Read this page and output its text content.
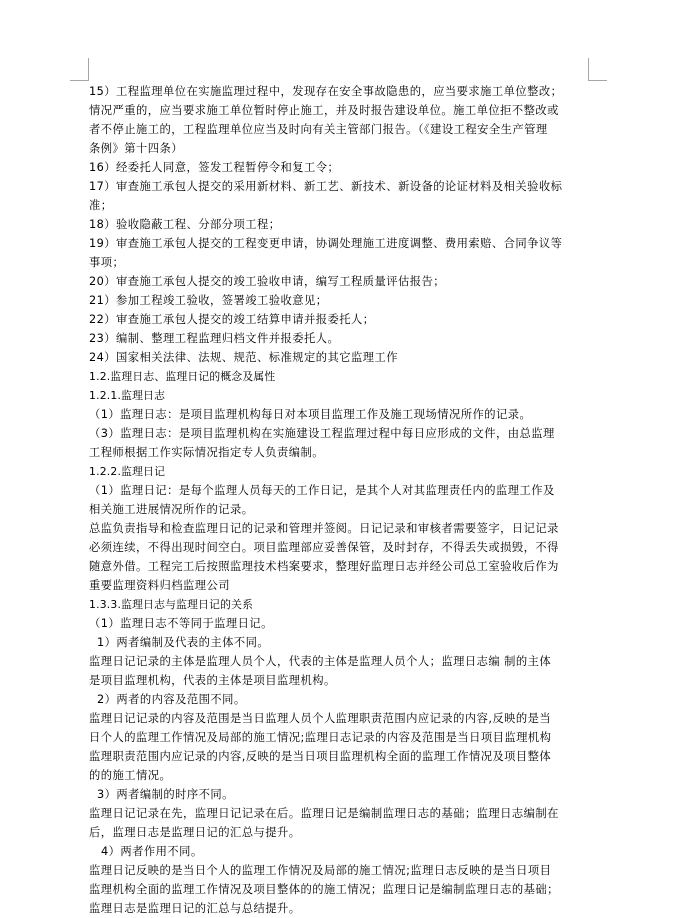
15）工程监理单位在实施监理过程中，发现存在安全事故隐患的，应当要求施工单位整改；

情况严重的，应当要求施工单位暂时停止施工，并及时报告建设单位。施工单位拒不整改或

者不停止施工的，工程监理单位应当及时向有关主管部门报告。（《建设工程安全生产管理

条例》第十四条）

16）经委托人同意，签发工程暂停令和复工令；

17）审查施工承包人提交的采用新材料、新工艺、新技术、新设备的论证材料及相关验收标

准；

18）验收隐蔽工程、分部分项工程；

19）审查施工承包人提交的工程变更申请，协调处理施工进度调整、费用索赔、合同争议等

事项；

20）审查施工承包人提交的竣工验收申请，编写工程质量评估报告；

21）参加工程竣工验收，签署竣工验收意见；

22）审查施工承包人提交的竣工结算申请并报委托人；

23）编制、整理工程监理归档文件并报委托人。

24）国家相关法律、法规、规范、标准规定的其它监理工作

1.2.监理日志、监理日记的概念及属性

1.2.1.监理日志

（1）监理日志：是项目监理机构每日对本项目监理工作及施工现场情况所作的记录。

（3）监理日志：是项目监理机构在实施建设工程监理过程中每日应形成的文件，由总监理

工程师根据工作实际情况指定专人负责编制。

1.2.2.监理日记

（1）监理日记：是每个监理人员每天的工作日记，是其个人对其监理责任内的监理工作及

相关施工进展情况所作的记录。

总监负责指导和检查监理日记的记录和管理并签阅。日记记录和审核者需要签字，日记记录

必须连续，不得出现时间空白。项目监理部应妥善保管，及时封存，不得丢失或损毁，不得

随意外借。工程完工后按照监理技术档案要求，整理好监理日志并经公司总工室验收后作为

重要监理资料归档监理公司

1.3.3.监理日志与监理日记的关系

（1）监理日志不等同于监理日记。

1）两者编制及代表的主体不同。

监理日记记录的主体是监理人员个人，代表的主体是监理人员个人；监理日志编 制的主体

是项目监理机构，代表的主体是项目监理机构。

2）两者的内容及范围不同。

监理日记记录的内容及范围是当日监理人员个人监理职责范围内应记录的内容,反映的是当

日个人的监理工作情况及局部的施工情况;监理日志记录的内容及范围是当日项目监理机构

监理职责范围内应记录的内容,反映的是当日项目监理机构全面的监理工作情况及项目整体

的的施工情况。

3）两者编制的时序不同。

监理日记记录在先，监理日记记录在后。监理日记是编制监理日志的基础；监理日志编制在

后，监理日志是监理日记的汇总与提升。

4）两者作用不同。

监理日记反映的是当日个人的监理工作情况及局部的施工情况;监理日志反映的是当日项目

监理机构全面的监理工作情况及项目整体的的施工情况；监理日记是编制监理日志的基础；

监理日志是监理日记的汇总与总结提升。
